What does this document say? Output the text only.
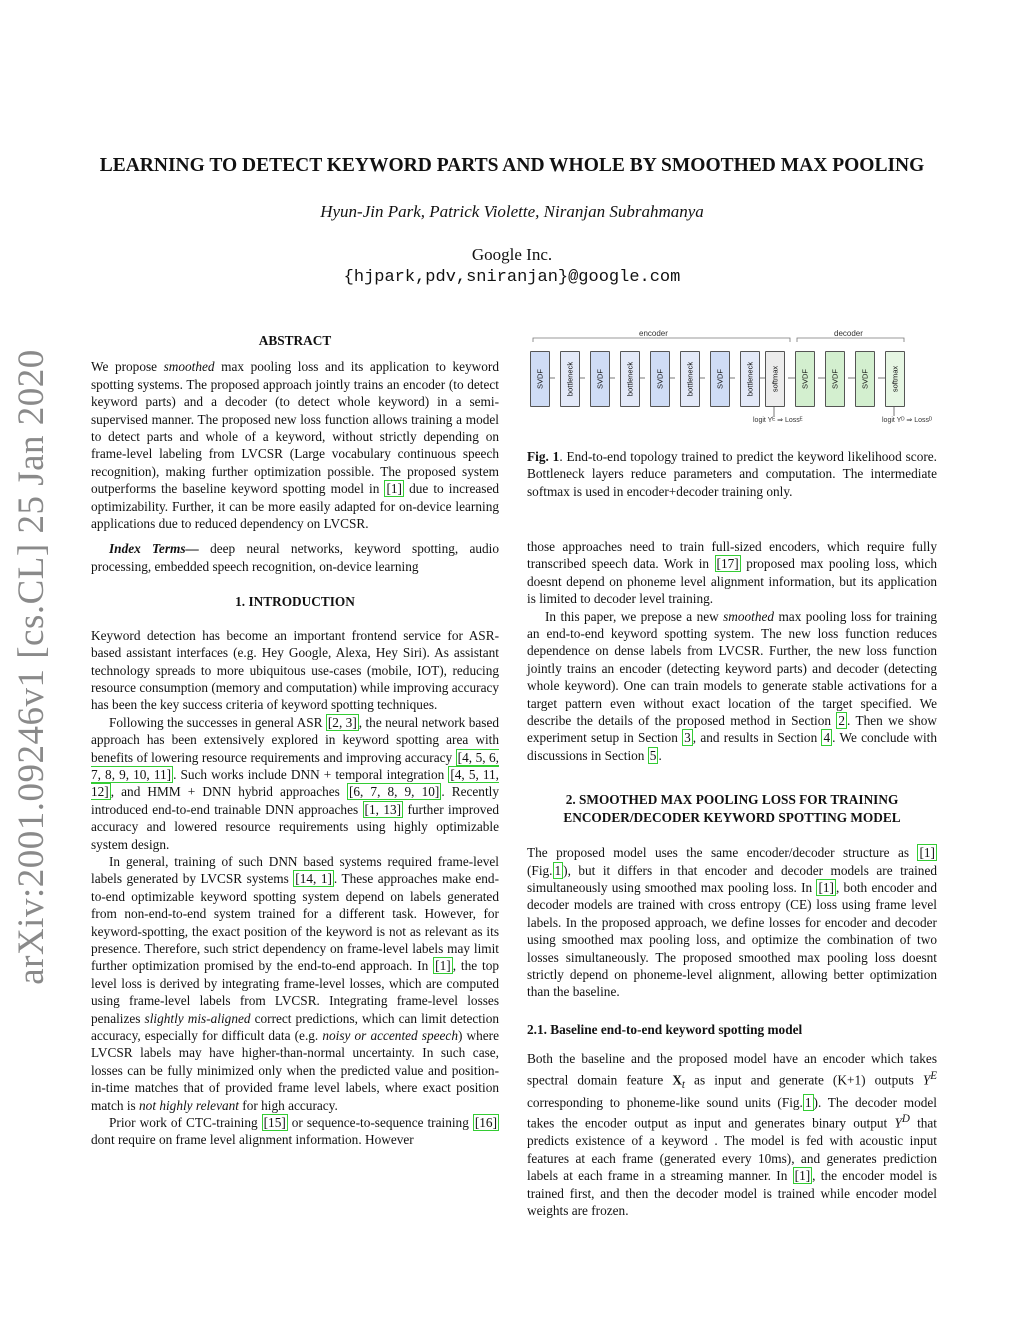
arXiv:2001.09246v1 [cs.CL] 25 Jan 2020
LEARNING TO DETECT KEYWORD PARTS AND WHOLE BY SMOOTHED MAX POOLING
Hyun-Jin Park, Patrick Violette, Niranjan Subrahmanya
Google Inc.
{hjpark,pdv,sniranjan}@google.com
ABSTRACT

We propose smoothed max pooling loss and its application to keyword spotting systems. The proposed approach jointly trains an encoder (to detect keyword parts) and a decoder (to detect whole keyword) in a semi-supervised manner. The proposed new loss function allows training a model to detect parts and whole of a keyword, without strictly depending on frame-level labeling from LVCSR (Large vocabulary continuous speech recognition), making further optimization possible. The proposed system outperforms the baseline keyword spotting model in [1] due to increased optimizability. Further, it can be more easily adapted for on-device learning applications due to reduced dependency on LVCSR.

Index Terms— deep neural networks, keyword spotting, audio processing, embedded speech recognition, on-device learning

1. INTRODUCTION

Keyword detection has become an important frontend service for ASR-based assistant interfaces (e.g. Hey Google, Alexa, Hey Siri). As assistant technology spreads to more ubiquitous use-cases (mobile, IOT), reducing resource consumption (memory and computation) while improving accuracy has been the key success criteria of keyword spotting techniques.

Following the successes in general ASR [2, 3] , the neural network based approach has been extensively explored in keyword spotting area with benefits of lowering resource requirements and improving accuracy [4, 5, 6, 7, 8, 9, 10, 11] . Such works include DNN + temporal integration [4, 5, 11, 12] , and HMM + DNN hybrid approaches [6, 7, 8, 9, 10] . Recently introduced end-to-end trainable DNN approaches [1, 13] further improved accuracy and lowered resource requirements using highly optimizable system design.

In general, training of such DNN based systems required frame-level labels generated by LVCSR systems [14, 1] . These approaches make end-to-end optimizable keyword spotting system depend on labels generated from non-end-to-end system trained for a different task. However, for keyword-spotting, the exact position of the keyword is not as relevant as its presence. Therefore, such strict dependency on frame-level labels may limit further optimization promised by the end-to-end approach. In [1] , the top level loss is derived by integrating frame-level losses, which are computed using frame-level labels from LVCSR. Integrating frame-level losses penalizes slightly mis-aligned correct predictions, which can limit detection accuracy, especially for difficult data (e.g. noisy or accented speech) where LVCSR labels may have higher-than-normal uncertainty. In such case, losses can be fully minimized only when the predicted value and position-in-time matches that of provided frame level labels, where exact position match is not highly relevant for high accuracy.

Prior work of CTC-training [15] or sequence-to-sequence training [16] dont require on frame level alignment information. However

encoder	decoder
SVDF	bottleneck	SVDF	bottleneck	SVDF	bottleneck	SVDF	bottleneck softmax	SVDF	SVDF	SVDF	softmax
logit Yᴱ ⇒ Lossᴱ	logit Yᴰ ⇒ Lossᴰ

Fig. 1. End-to-end topology trained to predict the keyword likelihood score. Bottleneck layers reduce parameters and computation. The intermediate softmax is used in encoder+decoder training only.

those approaches need to train full-sized encoders, which require fully transcribed speech data. Work in [17] proposed max pooling loss, which doesnt depend on phoneme level alignment information, but its application is limited to decoder level training.

In this paper, we prepose a new smoothed max pooling loss for training an end-to-end keyword spotting system. The new loss function reduces dependence on dense labels from LVCSR. Further, the new loss function jointly trains an encoder (detecting keyword parts) and decoder (detecting whole keyword). One can train models to generate stable activations for a target pattern even without exact location of the target specified. We describe the details of the proposed method in Section 2 . Then we show experiment setup in Section 3 , and results in Section 4 . We conclude with discussions in Section 5 .

2. SMOOTHED MAX POOLING LOSS FOR TRAINING
ENCODER/DECODER KEYWORD SPOTTING MODEL

The proposed model uses the same encoder/decoder structure as [1] (Fig. 1 ), but it differs in that encoder and decoder models are trained simultaneously using smoothed max pooling loss. In [1] , both encoder and decoder models are trained with cross entropy (CE) loss using frame level labels. In the proposed approach, we define losses for encoder and decoder using smoothed max pooling loss, and optimize the combination of two losses simultaneously. The proposed smoothed max pooling loss doesnt strictly depend on phoneme-level alignment, allowing better optimization than the baseline.

2.1. Baseline end-to-end keyword spotting model

Both the baseline and the proposed model have an encoder which takes spectral domain feature $X_t$ as input and generate (K+1) outputs $Y^E$ corresponding to phoneme-like sound units (Fig. 1 ). The decoder model takes the encoder output as input and generates binary output $Y^D$ that predicts existence of a keyword . The model is fed with acoustic input features at each frame (generated every 10ms), and generates prediction labels at each frame in a streaming manner. In [1] , the encoder model is trained first, and then the decoder model is trained while encoder model weights are frozen.
